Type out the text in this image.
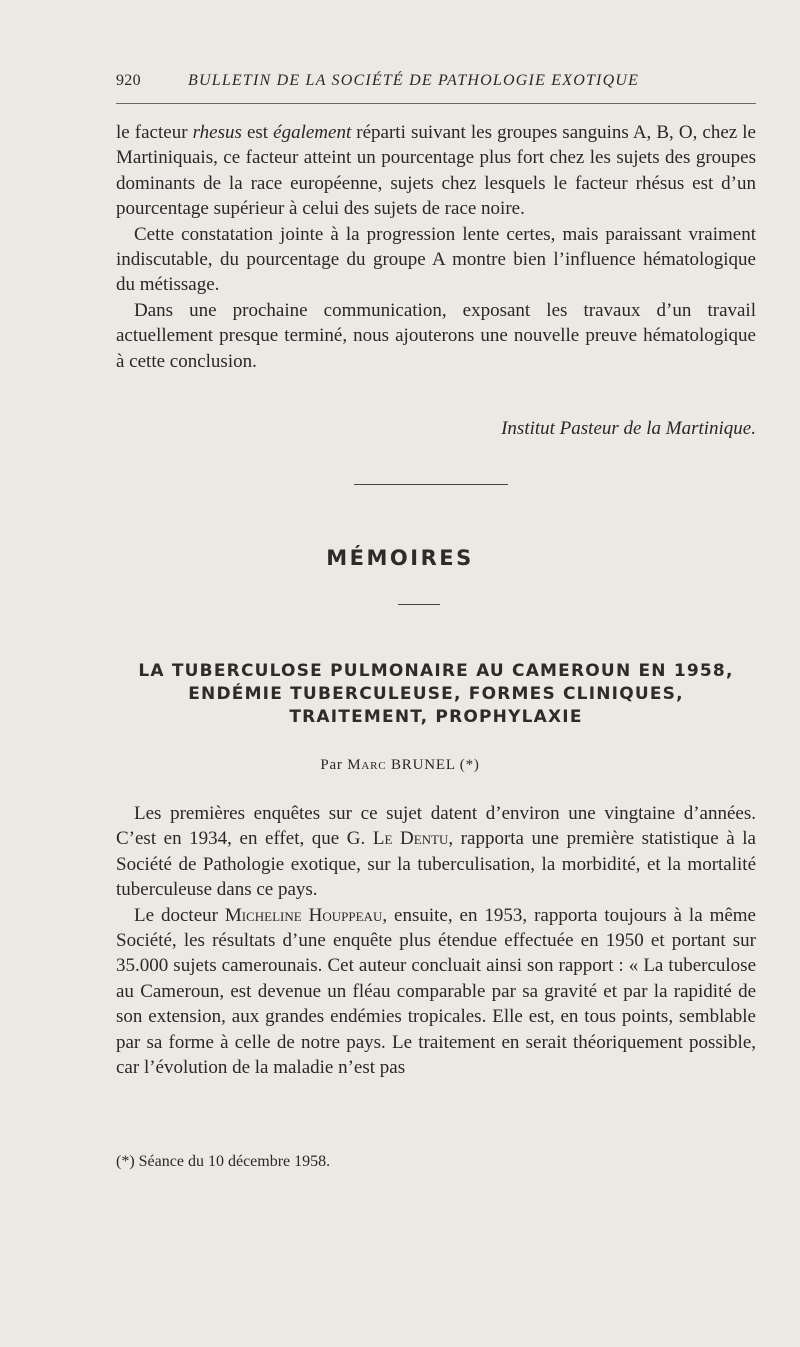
920	BULLETIN DE LA SOCIÉTÉ DE PATHOLOGIE EXOTIQUE

le facteur rhesus est également réparti suivant les groupes sanguins A, B, O, chez le Martiniquais, ce facteur atteint un pourcentage plus fort chez les sujets des groupes dominants de la race européenne, sujets chez lesquels le facteur rhésus est d’un pourcentage supérieur à celui des sujets de race noire.

Cette constatation jointe à la progression lente certes, mais paraissant vraiment indiscutable, du pourcentage du groupe A montre bien l’influence hématologique du métissage.

Dans une prochaine communication, exposant les travaux d’un travail actuellement presque terminé, nous ajouterons une nouvelle preuve hématologique à cette conclusion.

Institut Pasteur de la Martinique.
MÉMOIRES
LA TUBERCULOSE PULMONAIRE AU CAMEROUN EN 1958,
ENDÉMIE TUBERCULEUSE, FORMES CLINIQUES,
TRAITEMENT, PROPHYLAXIE
Par Marc BRUNEL (*)

Les premières enquêtes sur ce sujet datent d’environ une vingtaine d’années. C’est en 1934, en effet, que G. Le Dentu, rapporta une première statistique à la Société de Pathologie exotique, sur la tuberculisation, la morbidité, et la mortalité tuberculeuse dans ce pays.

Le docteur Micheline Houppeau, ensuite, en 1953, rapporta toujours à la même Société, les résultats d’une enquête plus étendue effectuée en 1950 et portant sur 35.000 sujets camerounais. Cet auteur concluait ainsi son rapport : « La tuberculose au Cameroun, est devenue un fléau comparable par sa gravité et par la rapidité de son extension, aux grandes endémies tropicales. Elle est, en tous points, semblable par sa forme à celle de notre pays. Le traitement en serait théoriquement possible, car l’évolution de la maladie n’est pas

(*) Séance du 10 décembre 1958.
